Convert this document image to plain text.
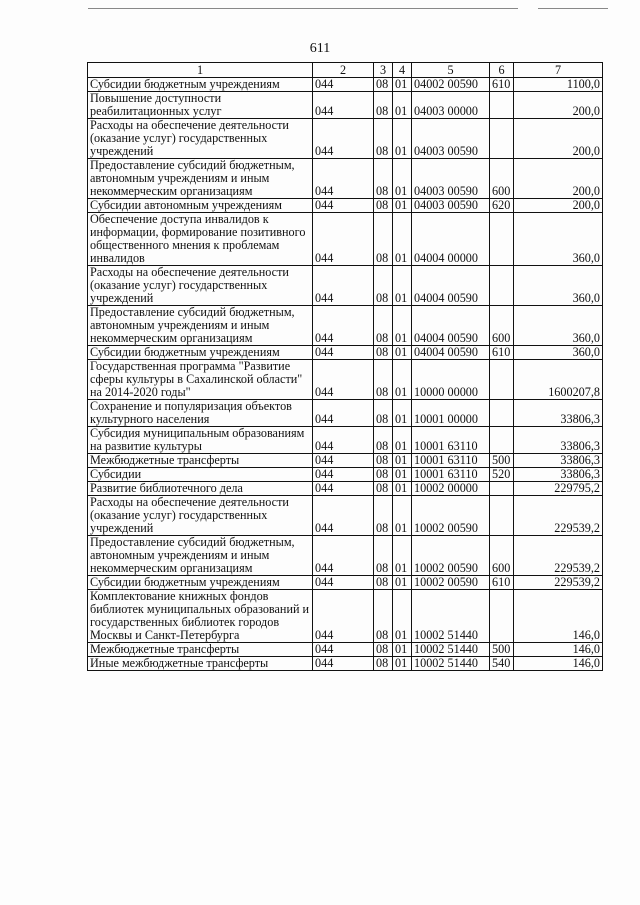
611
1	2	3	4	5	6	7
Субсидии бюджетным учреждениям	044	08	01	04002 00590	610	1100,0
Повышение доступности реабилитационных услуг	044	08	01	04003 00000		200,0
Расходы на обеспечение деятельности (оказание услуг) государственных учреждений	044	08	01	04003 00590		200,0
Предоставление субсидий бюджетным, автономным учреждениям и иным некоммерческим организациям	044	08	01	04003 00590	600	200,0
Субсидии автономным учреждениям	044	08	01	04003 00590	620	200,0
Обеспечение доступа инвалидов к информации, формирование позитивного общественного мнения к проблемам инвалидов	044	08	01	04004 00000		360,0
Расходы на обеспечение деятельности (оказание услуг) государственных учреждений	044	08	01	04004 00590		360,0
Предоставление субсидий бюджетным, автономным учреждениям и иным некоммерческим организациям	044	08	01	04004 00590	600	360,0
Субсидии бюджетным учреждениям	044	08	01	04004 00590	610	360,0
Государственная программа "Развитие сферы культуры в Сахалинской области" на 2014-2020 годы"	044	08	01	10000 00000		1600207,8
Сохранение и популяризация объектов культурного населения	044	08	01	10001 00000		33806,3
Субсидия муниципальным образованиям на развитие культуры	044	08	01	10001 63110		33806,3
Межбюджетные трансферты	044	08	01	10001 63110	500	33806,3
Субсидии	044	08	01	10001 63110	520	33806,3
Развитие библиотечного дела	044	08	01	10002 00000		229795,2
Расходы на обеспечение деятельности (оказание услуг) государственных учреждений	044	08	01	10002 00590		229539,2
Предоставление субсидий бюджетным, автономным учреждениям и иным некоммерческим организациям	044	08	01	10002 00590	600	229539,2
Субсидии бюджетным учреждениям	044	08	01	10002 00590	610	229539,2
Комплектование книжных фондов библиотек муниципальных образований и государственных библиотек городов Москвы и Санкт-Петербурга	044	08	01	10002 51440		146,0
Межбюджетные трансферты	044	08	01	10002 51440	500	146,0
Иные межбюджетные трансферты	044	08	01	10002 51440	540	146,0
